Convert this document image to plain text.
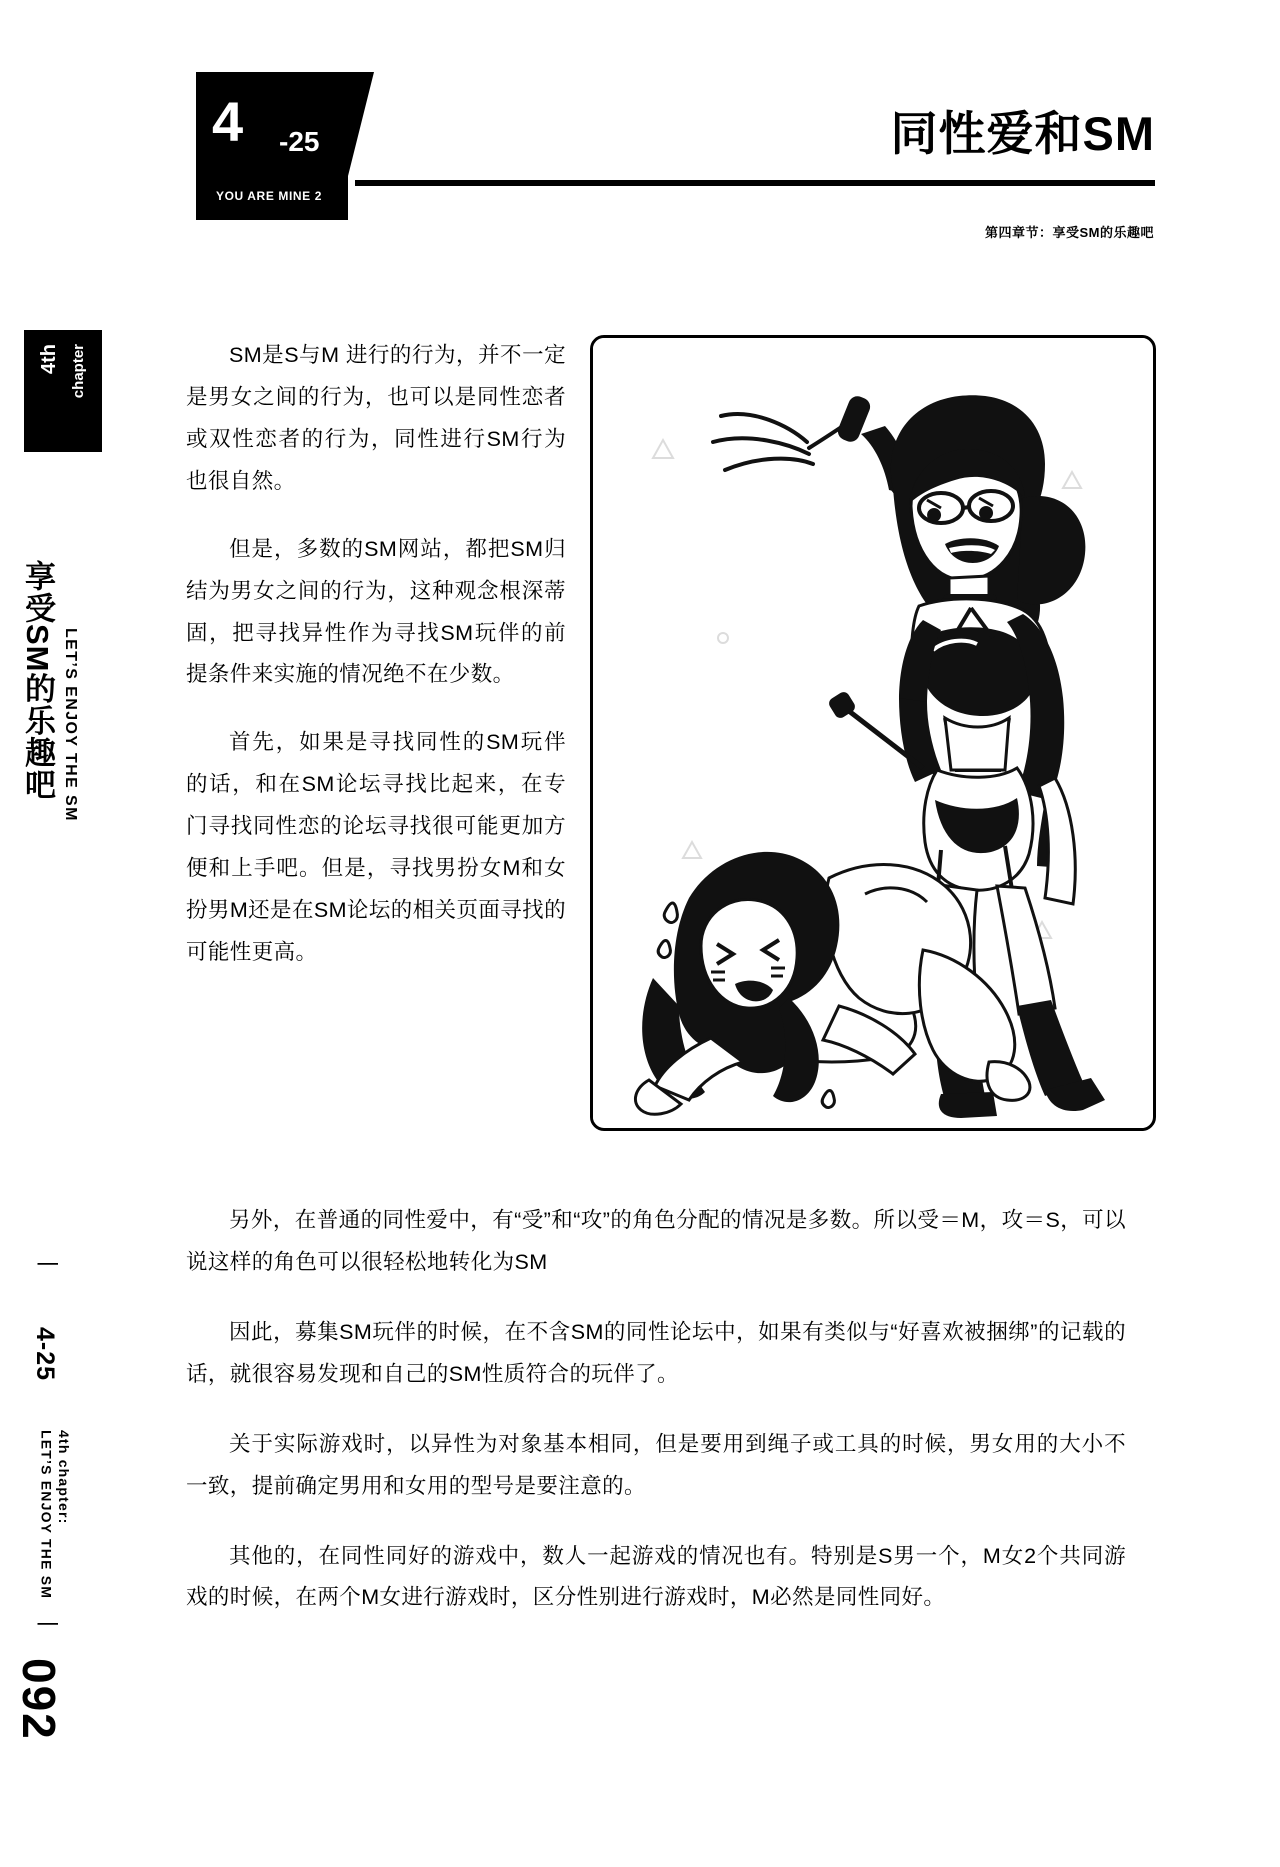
4 -25
YOU ARE MINE 2
同性爱和SM
第四章节：享受SM的乐趣吧
4th chapter
享受SM的乐趣吧 LET’S ENJOY THE SM
092
|
4th chapter:
LET’S ENJOY THE SM
|
4-25

SM是S与M 进行的行为，并不一定是男女之间的行为，也可以是同性恋者或双性恋者的行为，同性进行SM行为也很自然。

但是，多数的SM网站，都把SM归结为男女之间的行为，这种观念根深蒂固，把寻找异性作为寻找SM玩伴的前提条件来实施的情况绝不在少数。

首先，如果是寻找同性的SM玩伴的话，和在SM论坛寻找比起来，在专门寻找同性恋的论坛寻找很可能更加方便和上手吧。但是，寻找男扮女M和女扮男M还是在SM论坛的相关页面寻找的可能性更高。

另外，在普通的同性爱中，有“受”和“攻”的角色分配的情况是多数。所以受＝M，攻＝S，可以说这样的角色可以很轻松地转化为SM

因此，募集SM玩伴的时候，在不含SM的同性论坛中，如果有类似与“好喜欢被捆绑”的记载的话，就很容易发现和自己的SM性质符合的玩伴了。

关于实际游戏时，以异性为对象基本相同，但是要用到绳子或工具的时候，男女用的大小不一致，提前确定男用和女用的型号是要注意的。

其他的，在同性同好的游戏中，数人一起游戏的情况也有。特别是S男一个，M女2个共同游戏的时候，在两个M女进行游戏时，区分性别进行游戏时，M必然是同性同好。
